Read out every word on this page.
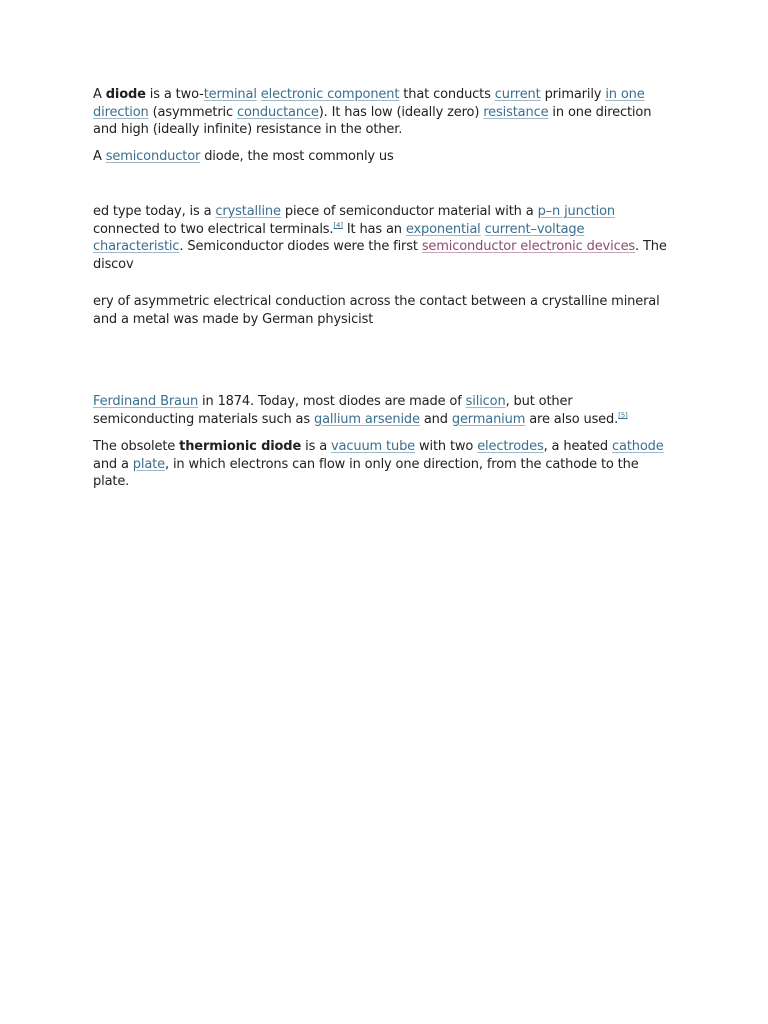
A diode is a two-terminal electronic component that conducts current primarily in one direction (asymmetric conductance). It has low (ideally zero) resistance in one direction and high (ideally infinite) resistance in the other.

A semiconductor diode, the most commonly us

ed type today, is a crystalline piece of semiconductor material with a p–n junction connected to two electrical terminals.[4] It has an exponential current–voltage characteristic. Semiconductor diodes were the first semiconductor electronic devices. The discov

ery of asymmetric electrical conduction across the contact between a crystalline mineral and a metal was made by German physicist

Ferdinand Braun in 1874. Today, most diodes are made of silicon, but other semiconducting materials such as gallium arsenide and germanium are also used.[5]

The obsolete thermionic diode is a vacuum tube with two electrodes, a heated cathode and a plate, in which electrons can flow in only one direction, from the cathode to the plate.
